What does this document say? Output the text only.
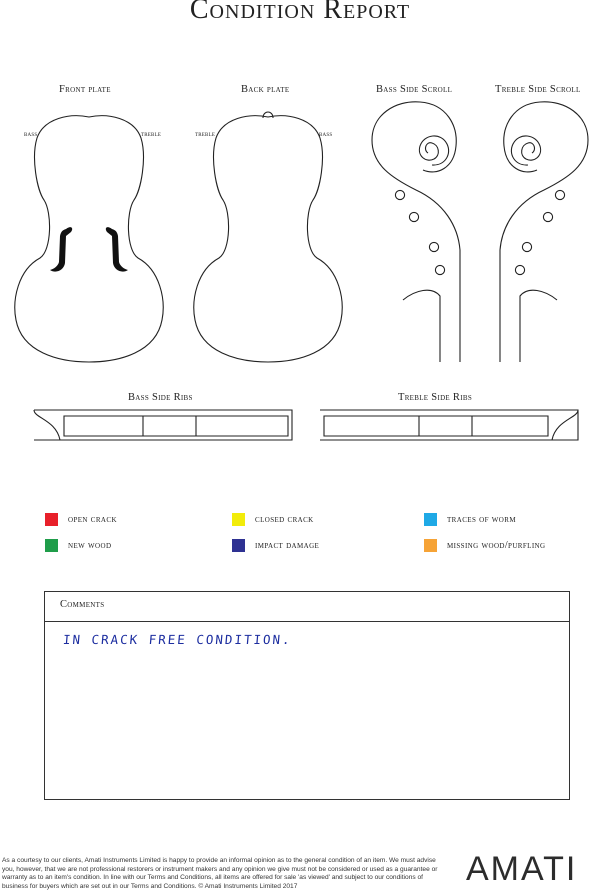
Condition Report
Front plate	Back plate	Bass Side Scroll	Treble Side Scroll
Bass Side Ribs	Treble Side Ribs
bass	treble	treble	bass
open crack	closed crack	traces of worm
new wood	impact damage	missing wood/purfling
Comments
IN CRACK FREE CONDITION.
As a courtesy to our clients, Amati Instruments Limited is happy to provide an informal opinion as to the general condition of an item. We must advise you, however, that we are not professional restorers or instrument makers and any opinion we give must not be considered or used as a guarantee or warranty as to an item's condition. In line with our Terms and Conditions, all items are offered for sale 'as viewed' and subject to our conditions of business for buyers which are set out in our Terms and Conditions. © Amati Instruments Limited 2017	AMATI
